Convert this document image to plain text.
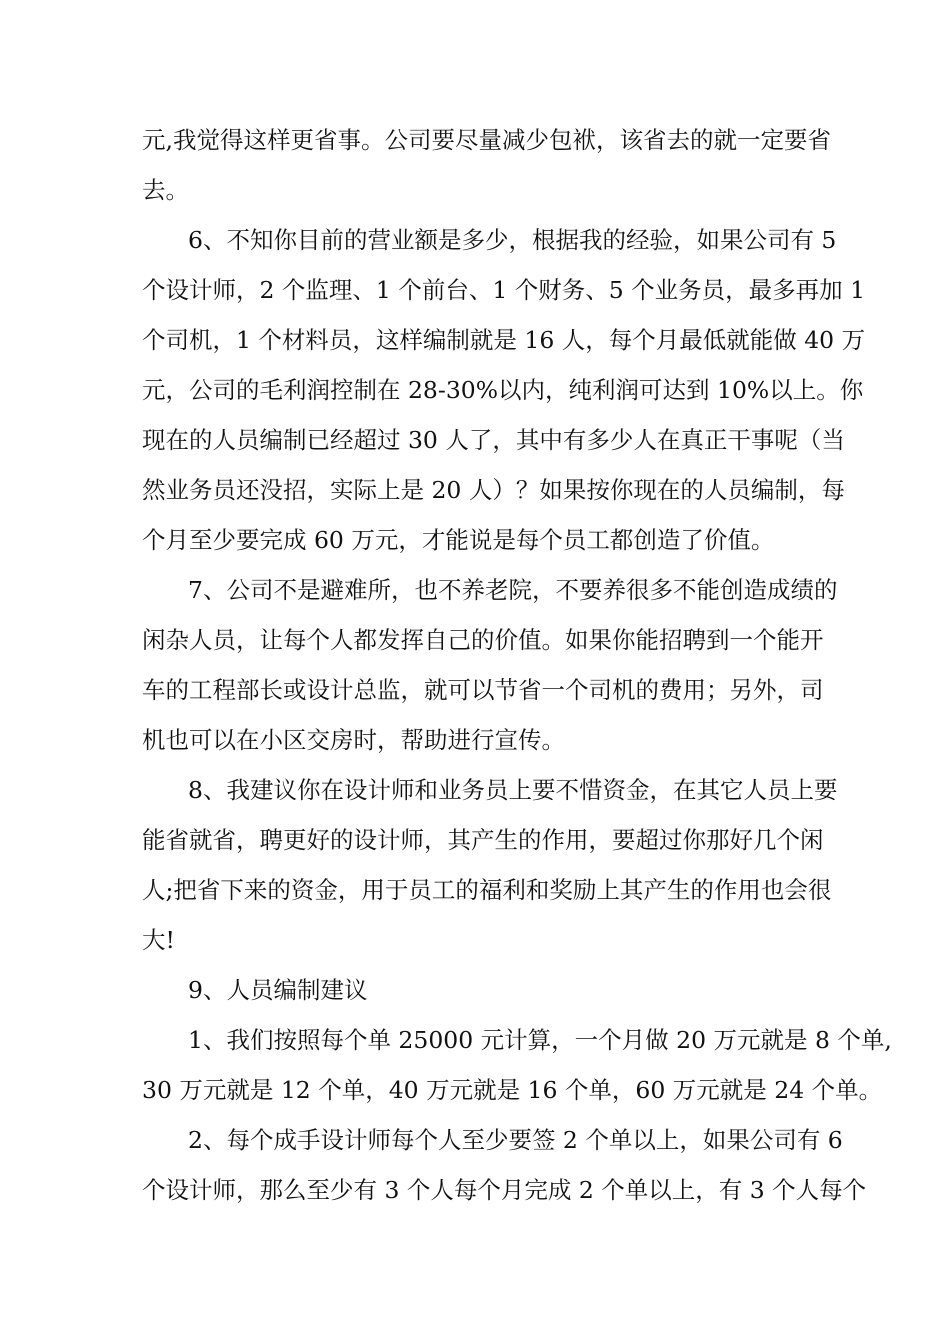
元,我觉得这样更省事。公司要尽量减少包袱，该省去的就一定要省
去。
6、不知你目前的营业额是多少，根据我的经验，如果公司有 5
个设计师，2 个监理、1 个前台、1 个财务、5 个业务员，最多再加 1
个司机，1 个材料员，这样编制就是 16 人，每个月最低就能做 40 万
元，公司的毛利润控制在 28-30%以内，纯利润可达到 10%以上。你
现在的人员编制已经超过 30 人了，其中有多少人在真正干事呢（当
然业务员还没招，实际上是 20 人）？如果按你现在的人员编制，每
个月至少要完成 60 万元，才能说是每个员工都创造了价值。
7、公司不是避难所，也不养老院，不要养很多不能创造成绩的
闲杂人员，让每个人都发挥自己的价值。如果你能招聘到一个能开
车的工程部长或设计总监，就可以节省一个司机的费用；另外，司
机也可以在小区交房时，帮助进行宣传。
8、我建议你在设计师和业务员上要不惜资金，在其它人员上要
能省就省，聘更好的设计师，其产生的作用，要超过你那好几个闲
人;把省下来的资金，用于员工的福利和奖励上其产生的作用也会很
大!
9、人员编制建议
1、我们按照每个单 25000 元计算，一个月做 20 万元就是 8 个单,
30 万元就是 12 个单，40 万元就是 16 个单，60 万元就是 24 个单。
2、每个成手设计师每个人至少要签 2 个单以上，如果公司有 6
个设计师，那么至少有 3 个人每个月完成 2 个单以上，有 3 个人每个
